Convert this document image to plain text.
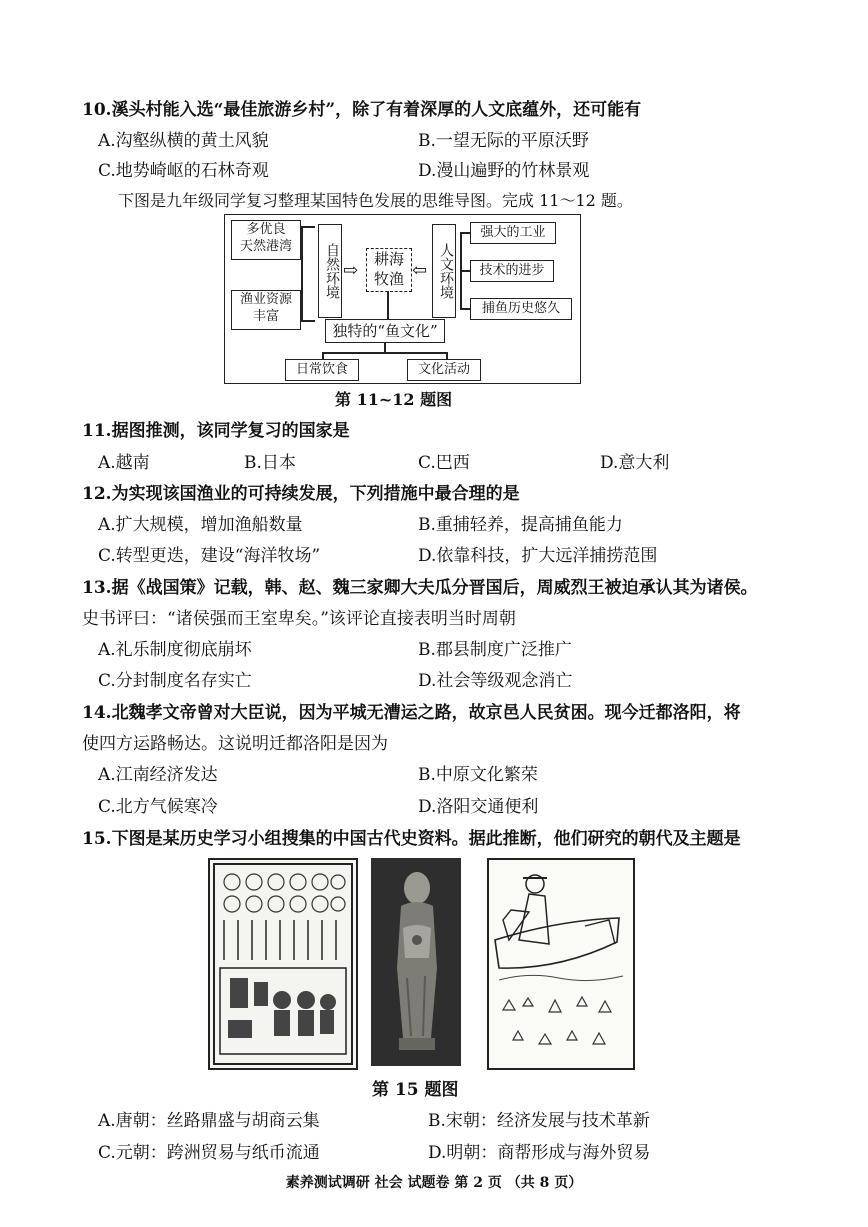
10.溪头村能入选“最佳旅游乡村”，除了有着深厚的人文底蕴外，还可能有
A.沟壑纵横的黄土风貌	B.一望无际的平原沃野
C.地势崎岖的石林奇观	D.漫山遍野的竹林景观
下图是九年级同学复习整理某国特色发展的思维导图。完成 11～12 题。
多优良
天然港湾
渔业资源
丰富
自然环境 ⇨
耕海
牧渔 ⇦ 人文环境
强大的工业
技术的进步
捕鱼历史悠久
独特的“鱼文化”
日常饮食	文化活动
第 11~12 题图
11.据图推测，该同学复习的国家是
A.越南	B.日本	C.巴西	D.意大利
12.为实现该国渔业的可持续发展，下列措施中最合理的是
A.扩大规模，增加渔船数量	B.重捕轻养，提高捕鱼能力
C.转型更迭，建设“海洋牧场”	D.依靠科技，扩大远洋捕捞范围
13.据《战国策》记载，韩、赵、魏三家卿大夫瓜分晋国后，周威烈王被迫承认其为诸侯。
史书评曰：“诸侯强而王室卑矣。”该评论直接表明当时周朝
A.礼乐制度彻底崩坏	B.郡县制度广泛推广
C.分封制度名存实亡	D.社会等级观念消亡
14.北魏孝文帝曾对大臣说，因为平城无漕运之路，故京邑人民贫困。现今迁都洛阳，将
使四方运路畅达。这说明迁都洛阳是因为
A.江南经济发达	B.中原文化繁荣
C.北方气候寒冷	D.洛阳交通便利
15.下图是某历史学习小组搜集的中国古代史资料。据此推断，他们研究的朝代及主题是
第 15 题图
A.唐朝：丝路鼎盛与胡商云集	B.宋朝：经济发展与技术革新
C.元朝：跨洲贸易与纸币流通	D.明朝：商帮形成与海外贸易
素养测试调研 社会 试题卷 第 2 页 （共 8 页）
